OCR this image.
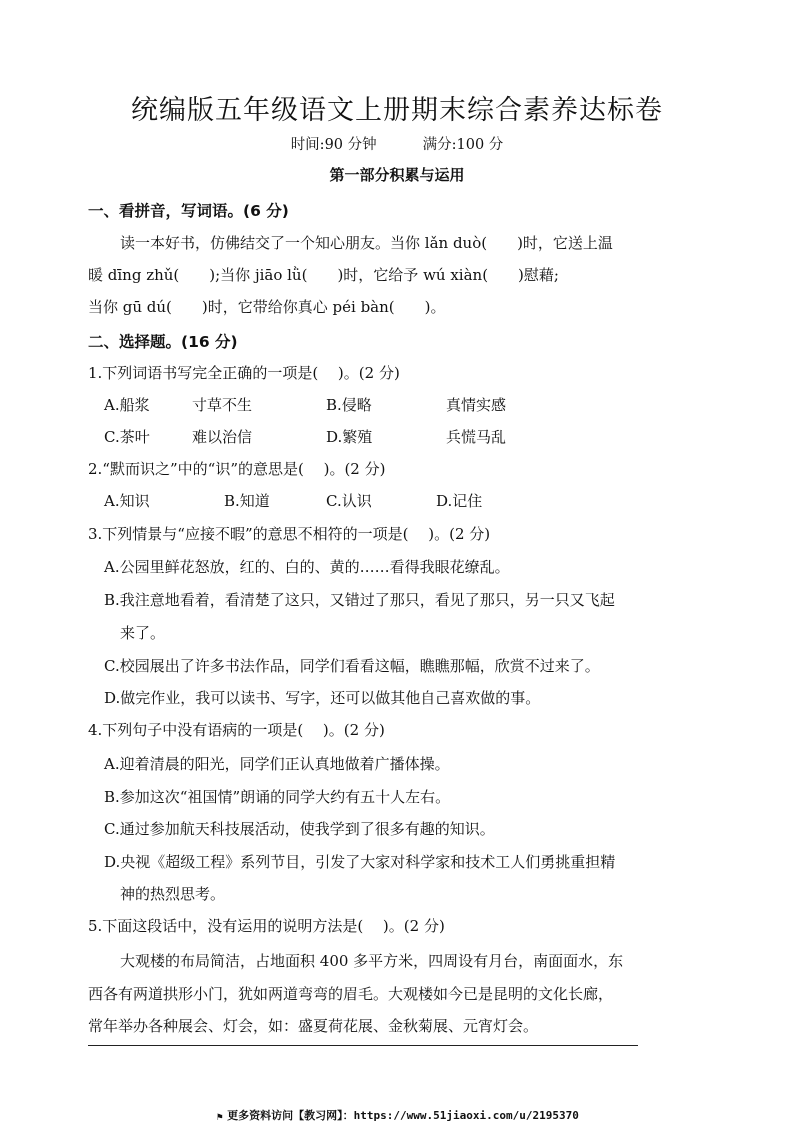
统编版五年级语文上册期末综合素养达标卷
时间:90 分钟	满分:100 分
第一部分积累与运用
一、看拼音，写词语。(6 分)
读一本好书，仿佛结交了一个知心朋友。当你 lǎn duò(　　)时，它送上温
暖 dīng zhǔ(　　);当你 jiāo lǜ(　　)时，它给予 wú xiàn(　　)慰藉;
当你 gū dú(　　)时，它带给你真心 péi bàn(　　)。
二、选择题。(16 分)
1.下列词语书写完全正确的一项是(　 )。(2 分)
A.船浆	寸草不生	B.侵略	真情实感
C.茶叶	难以治信	D.繁殖	兵慌马乱
2.“默而识之”中的“识”的意思是(　 )。(2 分)
A.知识	B.知道	C.认识	D.记住
3.下列情景与“应接不暇”的意思不相符的一项是(　 )。(2 分)
A.公园里鲜花怒放，红的、白的、黄的……看得我眼花缭乱。
B.我注意地看着，看清楚了这只，又错过了那只，看见了那只，另一只又飞起
来了。
C.校园展出了许多书法作品，同学们看看这幅，瞧瞧那幅，欣赏不过来了。
D.做完作业，我可以读书、写字，还可以做其他自己喜欢做的事。
4.下列句子中没有语病的一项是(　 )。(2 分)
A.迎着清晨的阳光，同学们正认真地做着广播体操。
B.参加这次“祖国情”朗诵的同学大约有五十人左右。
C.通过参加航天科技展活动，使我学到了很多有趣的知识。
D.央视《超级工程》系列节目，引发了大家对科学家和技术工人们勇挑重担精
神的热烈思考。
5.下面这段话中，没有运用的说明方法是(　 )。(2 分)
大观楼的布局简洁，占地面积 400 多平方米，四周设有月台，南面面水，东
西各有两道拱形小门，犹如两道弯弯的眉毛。大观楼如今已是昆明的文化长廊，
常年举办各种展会、灯会，如：盛夏荷花展、金秋菊展、元宵灯会。
⚑ 更多资料访问【教习网】：https://www.51jiaoxi.com/u/2195370
